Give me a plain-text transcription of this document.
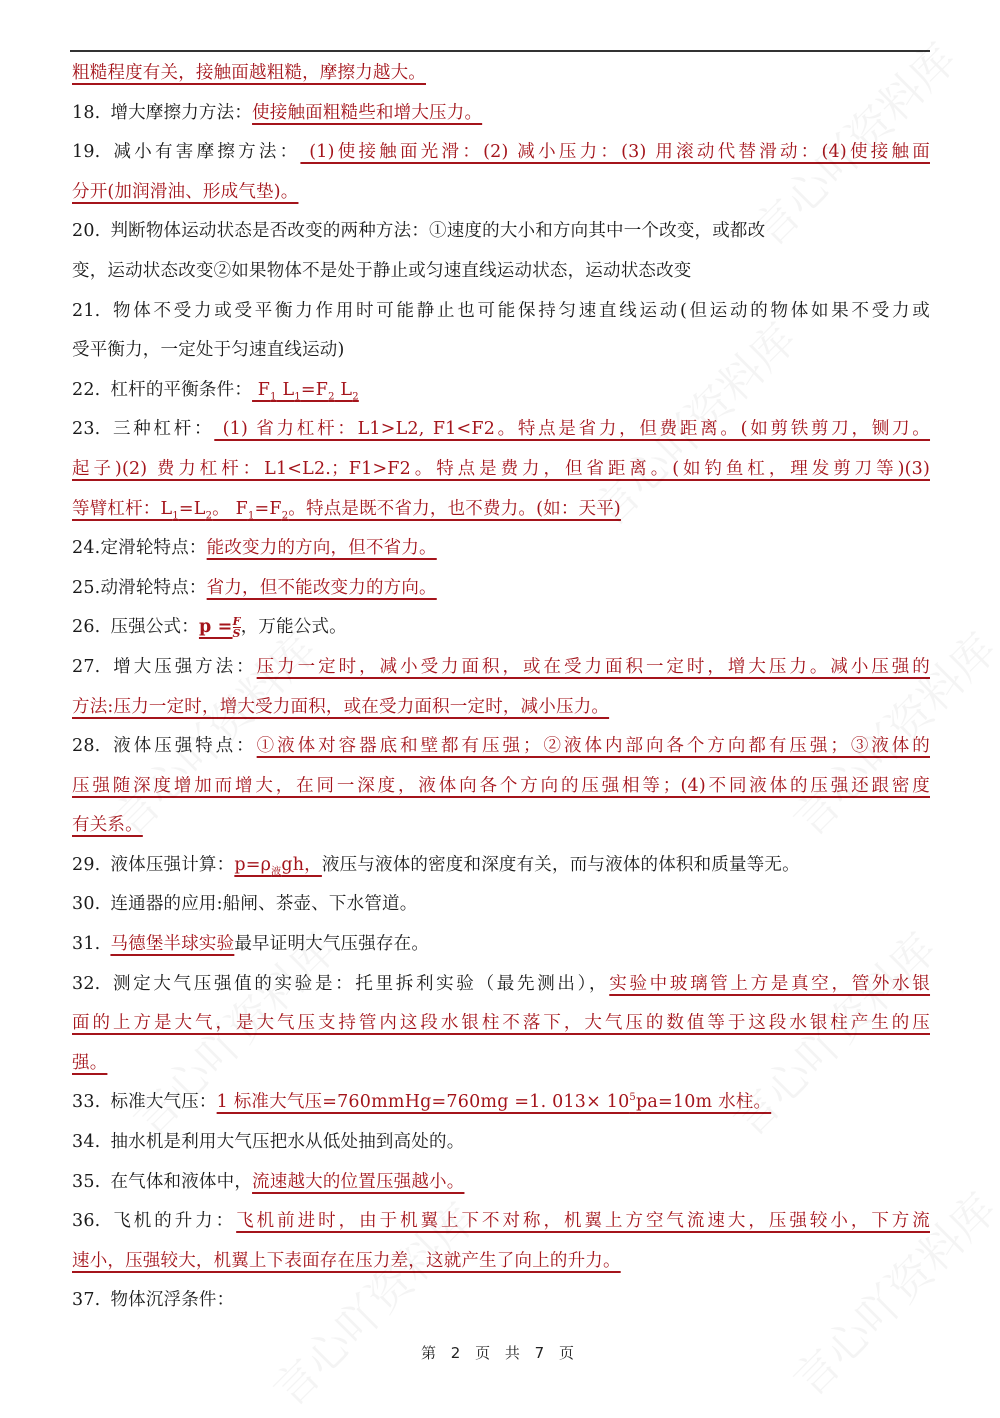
粗糙程度有关，接触面越粗糙，摩擦力越大。
18. 增大摩擦力方法：使接触面粗糙些和增大压力。
19. 减小有害摩擦方法： (1)使接触面光滑：(2) 减小压力：(3) 用滚动代替滑动：(4)使接触面
分开(加润滑油、形成气垫)。
20. 判断物体运动状态是否改变的两种方法：①速度的大小和方向其中一个改变，或都改
变，运动状态改变②如果物体不是处于静止或匀速直线运动状态，运动状态改变
21. 物体不受力或受平衡力作用时可能静止也可能保持匀速直线运动(但运动的物体如果不受力或
受平衡力，一定处于匀速直线运动)
22. 杠杆的平衡条件： $F_1$ $L_1=F_2$ $L_2$
23. 三种杠杆： (1) 省力杠杆：L1>L2, F1<F2。特点是省力，但费距离。(如剪铁剪刀，铡刀。
起子)(2) 费力杠杆：L1<L2.；F1>F2。特点是费力，但省距离。(如钓鱼杠，理发剪刀等)(3)
等臂杠杆：$L_1=L_2$。 $F_1=F_2$。特点是既不省力，也不费力。(如：天平)
24.定滑轮特点：能改变力的方向，但不省力。
25.动滑轮特点：省力，但不能改变力的方向。
26. 压强公式：$p =\frac{F}{S}$ ，万能公式。
27. 增大压强方法：压力一定时，减小受力面积，或在受力面积一定时，增大压力。减小压强的
方法:压力一定时，增大受力面积，或在受力面积一定时，减小压力。
28. 液体压强特点：①液体对容器底和壁都有压强；②液体内部向各个方向都有压强；③液体的
压强随深度增加而增大，在同一深度，液体向各个方向的压强相等；(4)不同液体的压强还跟密度
有关系。
29. 液体压强计算：$p=\rho_液gh$，液压与液体的密度和深度有关，而与液体的体积和质量等无。
30. 连通器的应用:船闸、茶壶、下水管道。
31. 马德堡半球实验最早证明大气压强存在。
32. 测定大气压强值的实验是：托里拆利实验（最先测出），实验中玻璃管上方是真空，管外水银
面的上方是大气，是大气压支持管内这段水银柱不落下，大气压的数值等于这段水银柱产生的压
强。
33. 标准大气压：1 标准大气压=760mmHg=760mg =1. $013\times 10^5pa=10m$ 水柱。
34. 抽水机是利用大气压把水从低处抽到高处的。
35. 在气体和液体中，流速越大的位置压强越小。
36. 飞机的升力：飞机前进时，由于机翼上下不对称，机翼上方空气流速大，压强较小，下方流
速小，压强较大，机翼上下表面存在压力差，这就产生了向上的升力。
37. 物体沉浮条件：
第 2 页 共 7 页
